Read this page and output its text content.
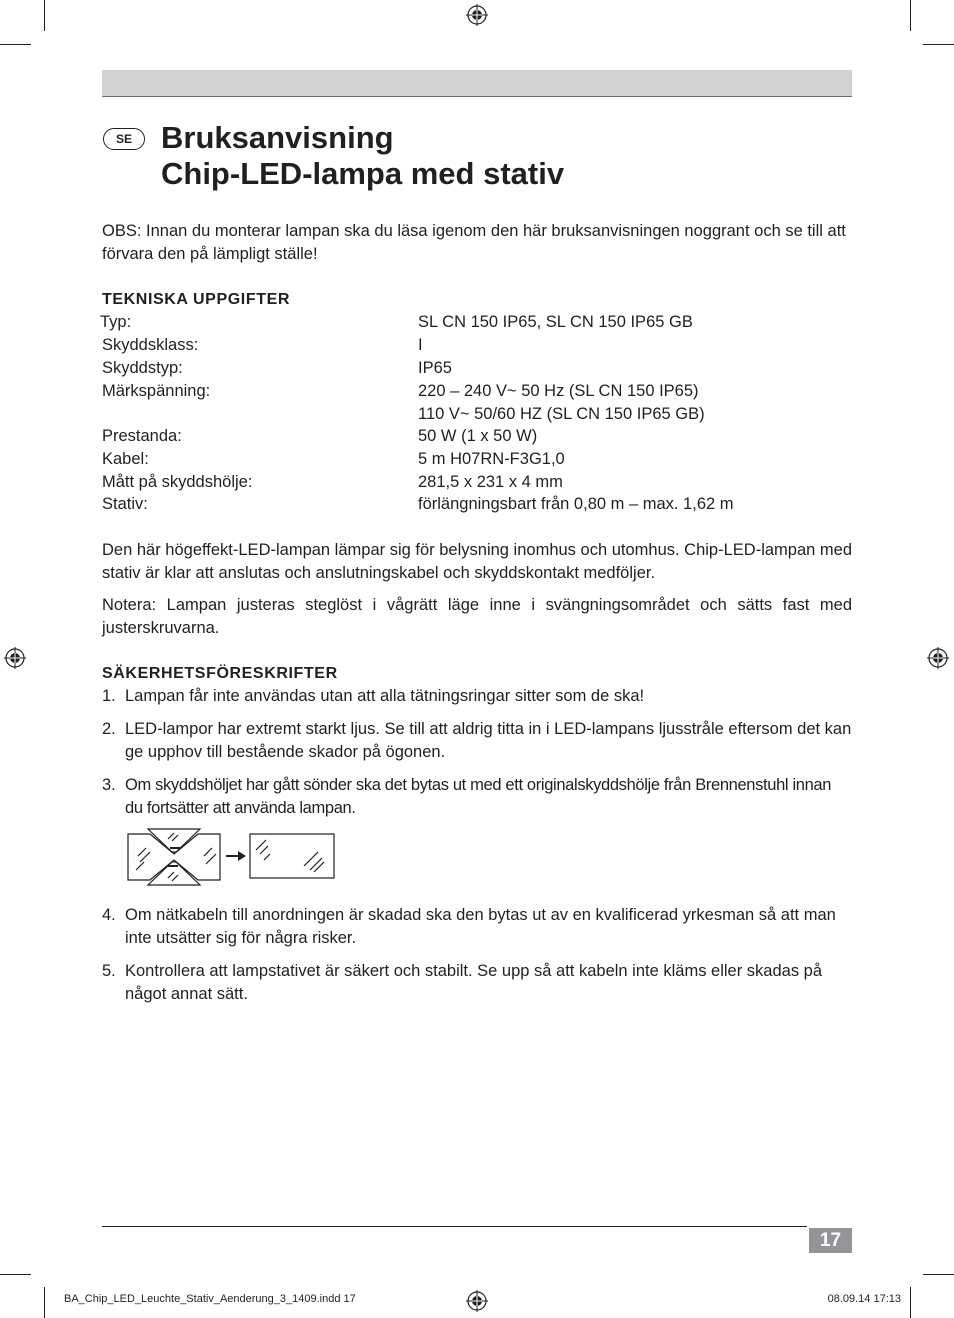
SE Bruksanvisning
Chip-LED-lampa med stativ

OBS: Innan du monterar lampan ska du läsa igenom den här bruksanvisningen noggrant och se till att förvara den på lämpligt ställe!

TEKNISKA UPPGIFTER
Typ:	SL CN 150 IP65, SL CN 150 IP65 GB
Skyddsklass:	I
Skyddstyp:	IP65
Märkspänning:	220 – 240 V~ 50 Hz (SL CN 150 IP65)
110 V~ 50/60 HZ (SL CN 150 IP65 GB)
Prestanda:	50 W (1 x 50 W)
Kabel:	5 m H07RN-F3G1,0
Mått på skyddshölje:	281,5 x 231 x 4 mm
Stativ:	förlängningsbart från 0,80 m – max. 1,62 m

Den här högeffekt-LED-lampan lämpar sig för belysning inomhus och utomhus. Chip-LED-lampan med stativ är klar att anslutas och anslutningskabel och skyddskontakt medföljer.

Notera: Lampan justeras steglöst i vågrätt läge inne i svängningsområdet och sätts fast med justerskruvarna.

SÄKERHETSFÖRESKRIFTER
1. Lampan får inte användas utan att alla tätningsringar sitter som de ska!
2. LED-lampor har extremt starkt ljus. Se till att aldrig titta in i LED-lampans ljusstråle eftersom det kan ge upphov till bestående skador på ögonen.
3. Om skyddshöljet har gått sönder ska det bytas ut med ett originalskyddshölje från Brennenstuhl innan du fortsätter att använda lampan.
4. Om nätkabeln till anordningen är skadad ska den bytas ut av en kvalificerad yrkesman så att man inte utsätter sig för några risker.
5. Kontrollera att lampstativet är säkert och stabilt. Se upp så att kabeln inte kläms eller skadas på något annat sätt.
17
BA_Chip_LED_Leuchte_Stativ_Aenderung_3_1409.indd 17	08.09.14 17:13
